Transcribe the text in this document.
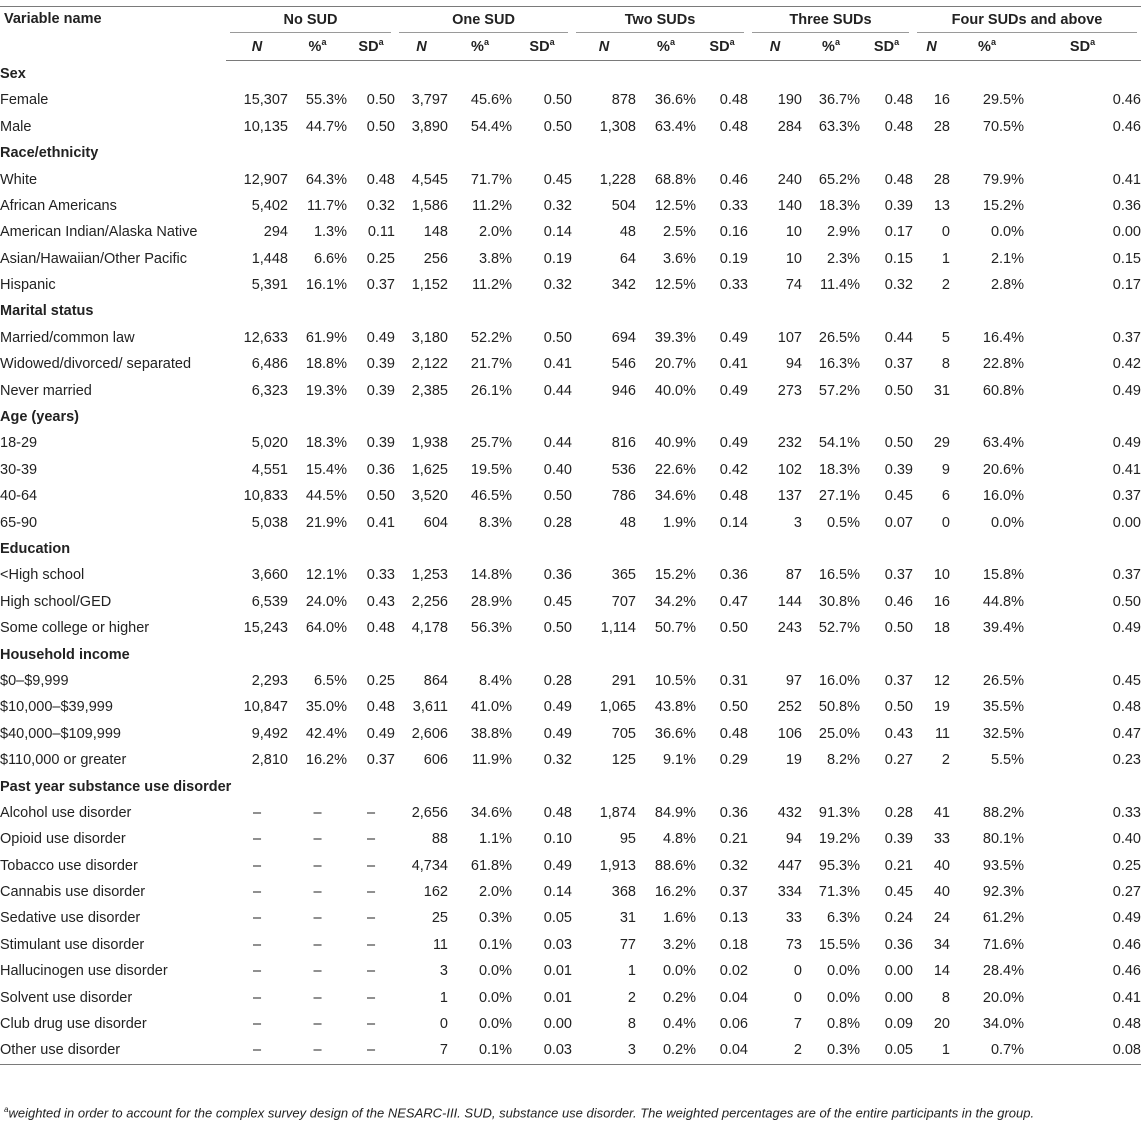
Variable name	No SUD			One SUD			Two SUDs			Three SUDs			Four SUDs and above		
	N	%$^a$	$SD^a$	N	%$^a$	$SD^a$	N	%$^a$	$SD^a$	N	%$^a$	$SD^a$	N	%$^a$	$SD^a$
Sex															
Female	15,307	55.3%	0.50	3,797	45.6%	0.50	878	36.6%	0.48	190	36.7%	0.48	16	29.5%	0.46
Male	10,135	44.7%	0.50	3,890	54.4%	0.50	1,308	63.4%	0.48	284	63.3%	0.48	28	70.5%	0.46
Race/ethnicity															
White	12,907	64.3%	0.48	4,545	71.7%	0.45	1,228	68.8%	0.46	240	65.2%	0.48	28	79.9%	0.41
African Americans	5,402	11.7%	0.32	1,586	11.2%	0.32	504	12.5%	0.33	140	18.3%	0.39	13	15.2%	0.36
American Indian/Alaska Native	294	1.3%	0.11	148	2.0%	0.14	48	2.5%	0.16	10	2.9%	0.17	0	0.0%	0.00
Asian/Hawaiian/Other Pacific	1,448	6.6%	0.25	256	3.8%	0.19	64	3.6%	0.19	10	2.3%	0.15	1	2.1%	0.15
Hispanic	5,391	16.1%	0.37	1,152	11.2%	0.32	342	12.5%	0.33	74	11.4%	0.32	2	2.8%	0.17
Marital status															
Married/common law	12,633	61.9%	0.49	3,180	52.2%	0.50	694	39.3%	0.49	107	26.5%	0.44	5	16.4%	0.37
Widowed/divorced/ separated	6,486	18.8%	0.39	2,122	21.7%	0.41	546	20.7%	0.41	94	16.3%	0.37	8	22.8%	0.42
Never married	6,323	19.3%	0.39	2,385	26.1%	0.44	946	40.0%	0.49	273	57.2%	0.50	31	60.8%	0.49
Age (years)															
18-29	5,020	18.3%	0.39	1,938	25.7%	0.44	816	40.9%	0.49	232	54.1%	0.50	29	63.4%	0.49
30-39	4,551	15.4%	0.36	1,625	19.5%	0.40	536	22.6%	0.42	102	18.3%	0.39	9	20.6%	0.41
40-64	10,833	44.5%	0.50	3,520	46.5%	0.50	786	34.6%	0.48	137	27.1%	0.45	6	16.0%	0.37
65-90	5,038	21.9%	0.41	604	8.3%	0.28	48	1.9%	0.14	3	0.5%	0.07	0	0.0%	0.00
Education															
<High school	3,660	12.1%	0.33	1,253	14.8%	0.36	365	15.2%	0.36	87	16.5%	0.37	10	15.8%	0.37
High school/GED	6,539	24.0%	0.43	2,256	28.9%	0.45	707	34.2%	0.47	144	30.8%	0.46	16	44.8%	0.50
Some college or higher	15,243	64.0%	0.48	4,178	56.3%	0.50	1,114	50.7%	0.50	243	52.7%	0.50	18	39.4%	0.49
Household income															
$0–$9,999	2,293	6.5%	0.25	864	8.4%	0.28	291	10.5%	0.31	97	16.0%	0.37	12	26.5%	0.45
$10,000–$39,999	10,847	35.0%	0.48	3,611	41.0%	0.49	1,065	43.8%	0.50	252	50.8%	0.50	19	35.5%	0.48
$40,000–$109,999	9,492	42.4%	0.49	2,606	38.8%	0.49	705	36.6%	0.48	106	25.0%	0.43	11	32.5%	0.47
$110,000 or greater	2,810	16.2%	0.37	606	11.9%	0.32	125	9.1%	0.29	19	8.2%	0.27	2	5.5%	0.23
Past year substance use disorder															
Alcohol use disorder	–	–	–	2,656	34.6%	0.48	1,874	84.9%	0.36	432	91.3%	0.28	41	88.2%	0.33
Opioid use disorder	–	–	–	88	1.1%	0.10	95	4.8%	0.21	94	19.2%	0.39	33	80.1%	0.40
Tobacco use disorder	–	–	–	4,734	61.8%	0.49	1,913	88.6%	0.32	447	95.3%	0.21	40	93.5%	0.25
Cannabis use disorder	–	–	–	162	2.0%	0.14	368	16.2%	0.37	334	71.3%	0.45	40	92.3%	0.27
Sedative use disorder	–	–	–	25	0.3%	0.05	31	1.6%	0.13	33	6.3%	0.24	24	61.2%	0.49
Stimulant use disorder	–	–	–	11	0.1%	0.03	77	3.2%	0.18	73	15.5%	0.36	34	71.6%	0.46
Hallucinogen use disorder	–	–	–	3	0.0%	0.01	1	0.0%	0.02	0	0.0%	0.00	14	28.4%	0.46
Solvent use disorder	–	–	–	1	0.0%	0.01	2	0.2%	0.04	0	0.0%	0.00	8	20.0%	0.41
Club drug use disorder	–	–	–	0	0.0%	0.00	8	0.4%	0.06	7	0.8%	0.09	20	34.0%	0.48
Other use disorder	–	–	–	7	0.1%	0.03	3	0.2%	0.04	2	0.3%	0.05	1	0.7%	0.08
$^a$weighted in order to account for the complex survey design of the NESARC-III. SUD, substance use disorder. The weighted percentages are of the entire participants in the group.
